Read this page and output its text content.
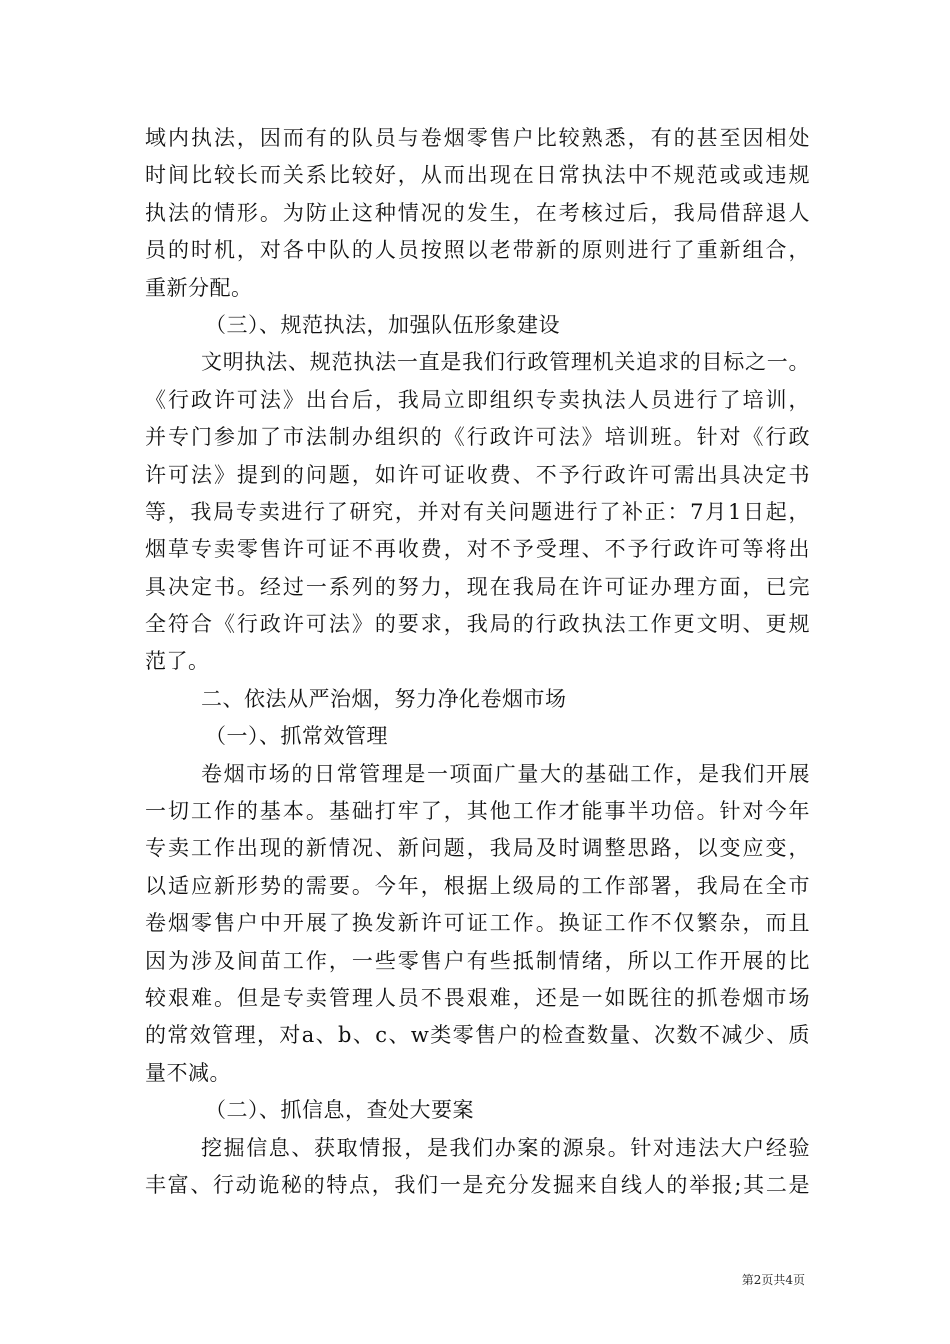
域内执法，因而有的队员与卷烟零售户比较熟悉，有的甚至因相处
时间比较长而关系比较好，从而出现在日常执法中不规范或或违规
执法的情形。为防止这种情况的发生，在考核过后，我局借辞退人
员的时机，对各中队的人员按照以老带新的原则进行了重新组合，
重新分配。
（三）、规范执法，加强队伍形象建设
文明执法、规范执法一直是我们行政管理机关追求的目标之一。
《行政许可法》出台后，我局立即组织专卖执法人员进行了培训，
并专门参加了市法制办组织的《行政许可法》培训班。针对《行政
许可法》提到的问题，如许可证收费、不予行政许可需出具决定书
等，我局专卖进行了研究，并对有关问题进行了补正：7月1日起，
烟草专卖零售许可证不再收费，对不予受理、不予行政许可等将出
具决定书。经过一系列的努力，现在我局在许可证办理方面，已完
全符合《行政许可法》的要求，我局的行政执法工作更文明、更规
范了。
二、依法从严治烟，努力净化卷烟市场
（一）、抓常效管理
卷烟市场的日常管理是一项面广量大的基础工作，是我们开展
一切工作的基本。基础打牢了，其他工作才能事半功倍。针对今年
专卖工作出现的新情况、新问题，我局及时调整思路，以变应变，
以适应新形势的需要。今年，根据上级局的工作部署，我局在全市
卷烟零售户中开展了换发新许可证工作。换证工作不仅繁杂，而且
因为涉及间苗工作，一些零售户有些抵制情绪，所以工作开展的比
较艰难。但是专卖管理人员不畏艰难，还是一如既往的抓卷烟市场
的常效管理，对a、b、c、w类零售户的检查数量、次数不减少、质
量不减。
（二）、抓信息，查处大要案
挖掘信息、获取情报，是我们办案的源泉。针对违法大户经验
丰富、行动诡秘的特点，我们一是充分发掘来自线人的举报;其二是
第2页共4页
